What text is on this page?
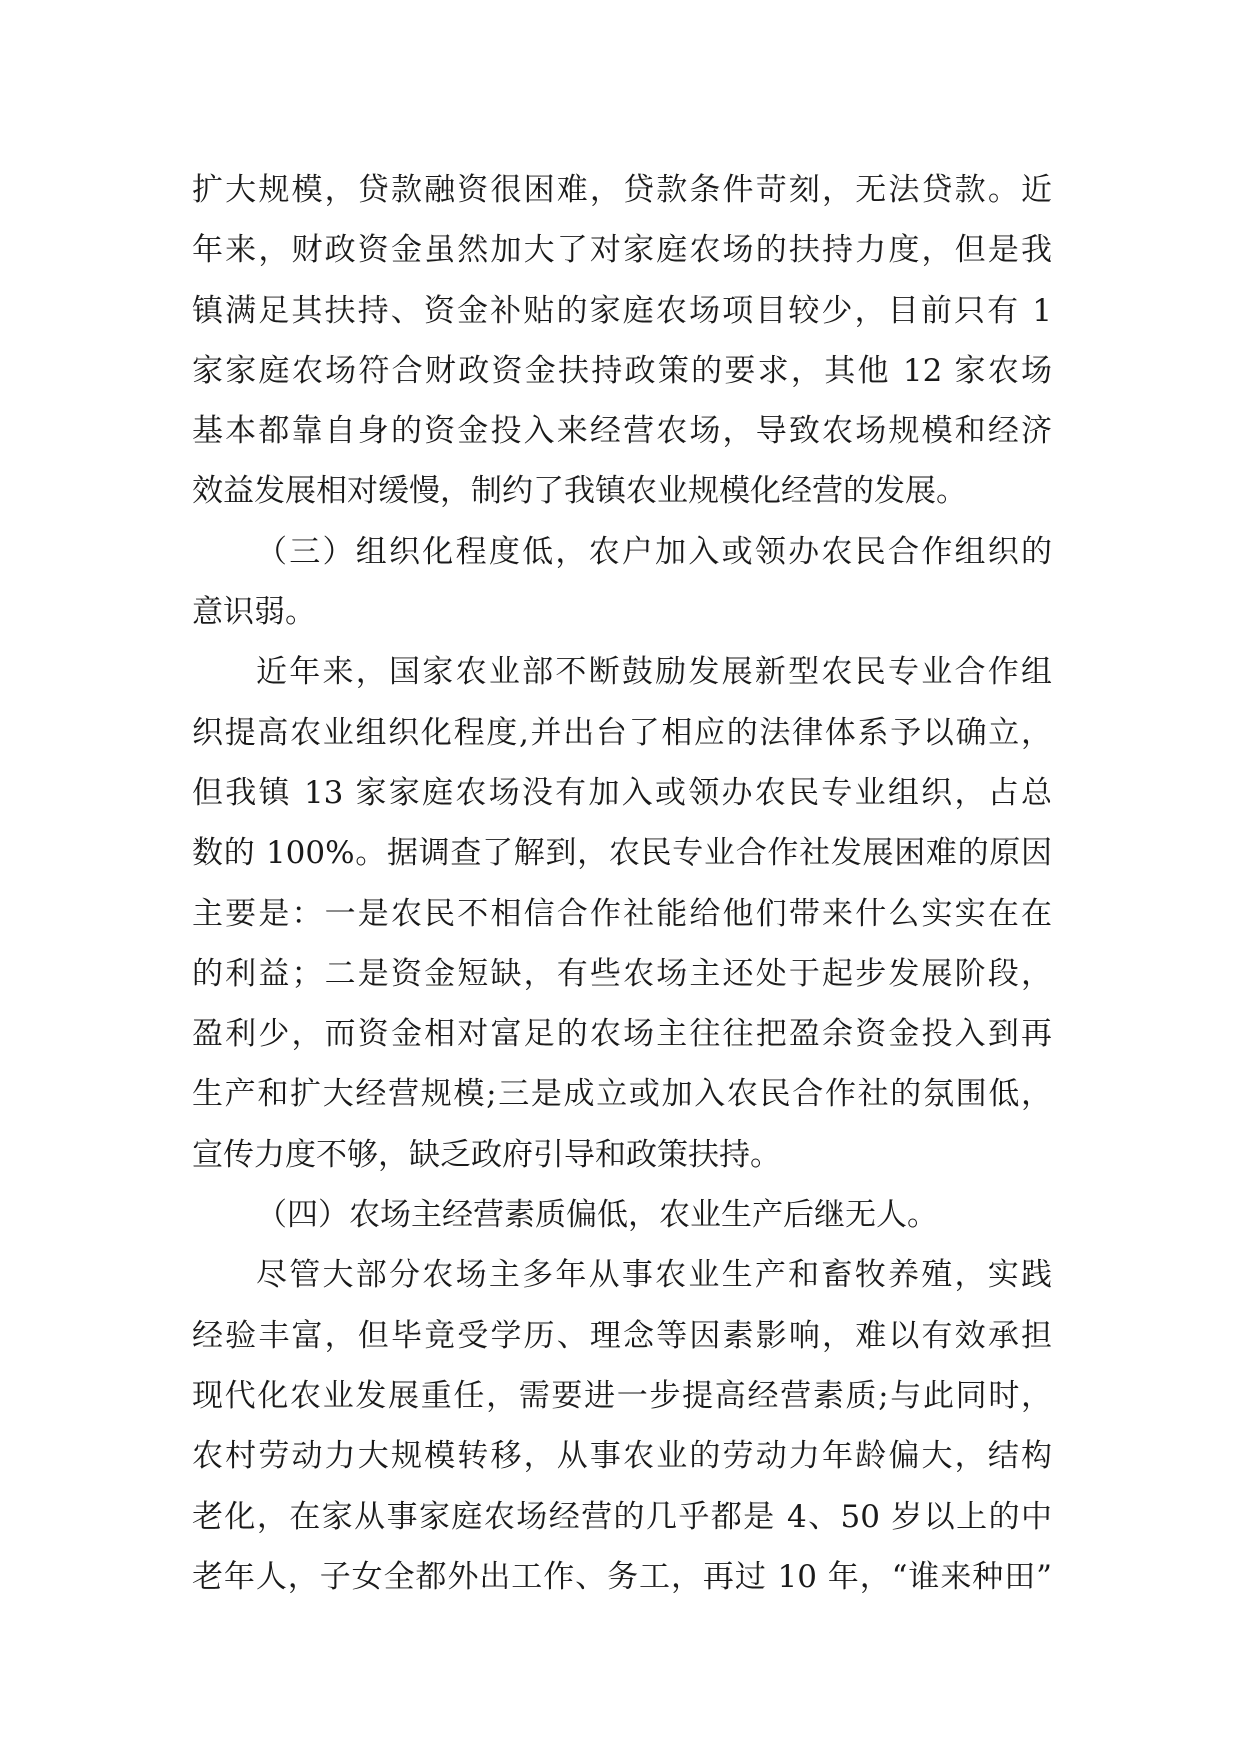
扩大规模，贷款融资很困难，贷款条件苛刻，无法贷款。近
年来，财政资金虽然加大了对家庭农场的扶持力度，但是我
镇满足其扶持、资金补贴的家庭农场项目较少，目前只有 1
家家庭农场符合财政资金扶持政策的要求，其他 12 家农场
基本都靠自身的资金投入来经营农场，导致农场规模和经济
效益发展相对缓慢，制约了我镇农业规模化经营的发展。
（三）组织化程度低，农户加入或领办农民合作组织的
意识弱。
近年来，国家农业部不断鼓励发展新型农民专业合作组
织提高农业组织化程度,并出台了相应的法律体系予以确立，
但我镇 13 家家庭农场没有加入或领办农民专业组织，占总
数的 100%。据调查了解到，农民专业合作社发展困难的原因
主要是：一是农民不相信合作社能给他们带来什么实实在在
的利益；二是资金短缺，有些农场主还处于起步发展阶段，
盈利少，而资金相对富足的农场主往往把盈余资金投入到再
生产和扩大经营规模;三是成立或加入农民合作社的氛围低，
宣传力度不够，缺乏政府引导和政策扶持。
（四）农场主经营素质偏低，农业生产后继无人。
尽管大部分农场主多年从事农业生产和畜牧养殖，实践
经验丰富，但毕竟受学历、理念等因素影响，难以有效承担
现代化农业发展重任，需要进一步提高经营素质;与此同时，
农村劳动力大规模转移，从事农业的劳动力年龄偏大，结构
老化，在家从事家庭农场经营的几乎都是 4、50 岁以上的中
老年人，子女全都外出工作、务工，再过 10 年，“谁来种田”
